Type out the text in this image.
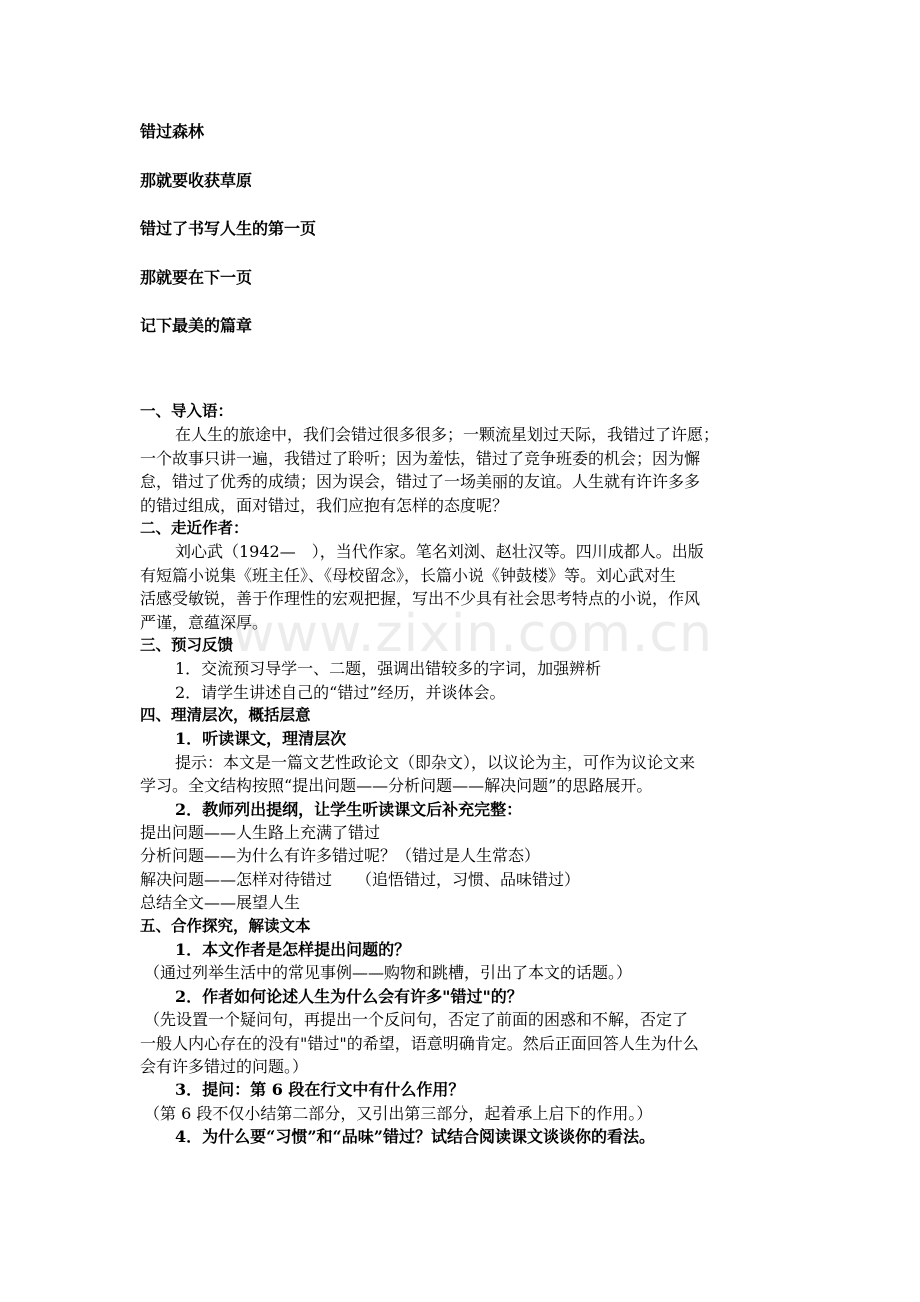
错过森林

那就要收获草原

错过了书写人生的第一页

那就要在下一页

记下最美的篇章

一、导入语：
在人生的旅途中，我们会错过很多很多；一颗流星划过天际，我错过了许愿；
一个故事只讲一遍，我错过了聆听；因为羞怯，错过了竞争班委的机会；因为懈
怠，错过了优秀的成绩；因为误会，错过了一场美丽的友谊。人生就有许许多多
的错过组成，面对错过，我们应抱有怎样的态度呢？
二、走近作者：
刘心武（1942—　），当代作家。笔名刘浏、赵壮汉等。四川成都人。出版
有短篇小说集《班主任》、《母校留念》，长篇小说《钟鼓楼》等。刘心武对生
活感受敏锐，善于作理性的宏观把握，写出不少具有社会思考特点的小说，作风
严谨，意蕴深厚。
三、预习反馈
1．交流预习导学一、二题，强调出错较多的字词，加强辨析
2．请学生讲述自己的“错过”经历，并谈体会。
四、理清层次，概括层意
1．听读课文，理清层次
提示：本文是一篇文艺性政论文（即杂文），以议论为主，可作为议论文来
学习。全文结构按照“提出问题——分析问题——解决问题”的思路展开。
2．教师列出提纲，让学生听读课文后补充完整：
提出问题——人生路上充满了错过
分析问题——为什么有许多错过呢？（错过是人生常态）
解决问题——怎样对待错过　　（追悟错过，习惯、品味错过）
总结全文——展望人生
五、合作探究，解读文本
1．本文作者是怎样提出问题的？
（通过列举生活中的常见事例——购物和跳槽，引出了本文的话题。）
2．作者如何论述人生为什么会有许多"错过"的？
（先设置一个疑问句，再提出一个反问句，否定了前面的困惑和不解，否定了
一般人内心存在的没有"错过"的希望，语意明确肯定。然后正面回答人生为什么
会有许多错过的问题。）
3．提问：第 6 段在行文中有什么作用？
（第 6 段不仅小结第二部分，又引出第三部分，起着承上启下的作用。）
4．为什么要“习惯”和“品味”错过？试结合阅读课文谈谈你的看法。
www.zixin.com.cn
